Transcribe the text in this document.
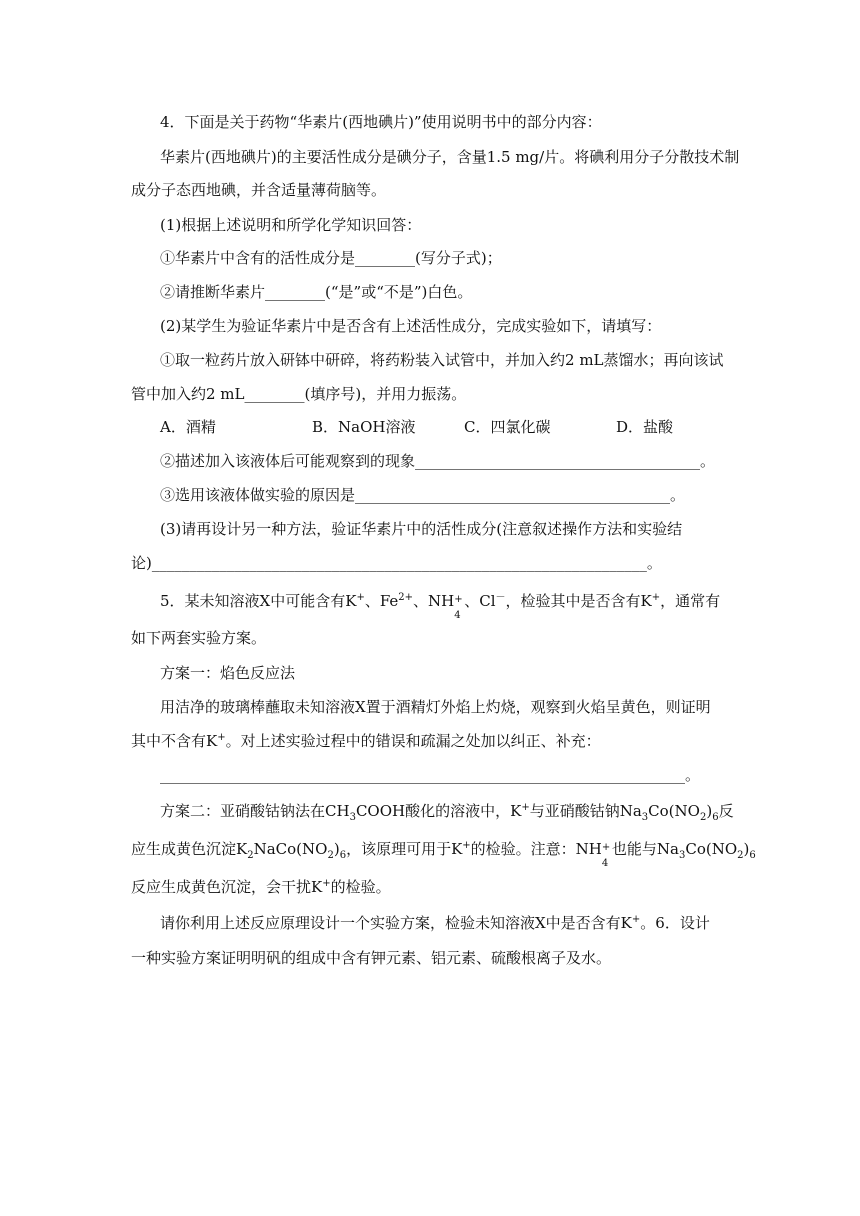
4．下面是关于药物“华素片(西地碘片)”使用说明书中的部分内容：
华素片(西地碘片)的主要活性成分是碘分子，含量1.5 mg/片。将碘利用分子分散技术制
成分子态西地碘，并含适量薄荷脑等。
(1)根据上述说明和所学化学知识回答：
①华素片中含有的活性成分是________(写分子式)；
②请推断华素片________(“是”或“不是”)白色。
(2)某学生为验证华素片中是否含有上述活性成分，完成实验如下，请填写：
①取一粒药片放入研钵中研碎，将药粉装入试管中，并加入约2 mL蒸馏水；再向该试
管中加入约2 mL________(填序号)，并用力振荡。
A．酒精	B．NaOH溶液	C．四氯化碳	D．盐酸
②描述加入该液体后可能观察到的现象______________________________________。
③选用该液体做实验的原因是__________________________________________。
(3)请再设计另一种方法，验证华素片中的活性成分(注意叙述操作方法和实验结
论)__________________________________________________________________。
5．某未知溶液X中可能含有K+、$Fe^{2+}$、NH +
4
、Cl－，检验其中是否含有K+，通常有
如下两套实验方案。
方案一：焰色反应法
用洁净的玻璃棒蘸取未知溶液X置于酒精灯外焰上灼烧，观察到火焰呈黄色，则证明
其中不含有K+。对上述实验过程中的错误和疏漏之处加以纠正、补充：
______________________________________________________________________。
方案二：亚硝酸钴钠法在$CH_3COOH$酸化的溶液中，K+与亚硝酸钴钠$Na_3Co(NO_2)_6$反
应生成黄色沉淀$K_2NaCo(NO_2)_6$，该原理可用于K+的检验。注意：NH +
4
也能与$Na_3Co(NO_2)_6$
反应生成黄色沉淀，会干扰K+的检验。
请你利用上述反应原理设计一个实验方案，检验未知溶液X中是否含有K+。6．设计
一种实验方案证明明矾的组成中含有钾元素、铝元素、硫酸根离子及水。
